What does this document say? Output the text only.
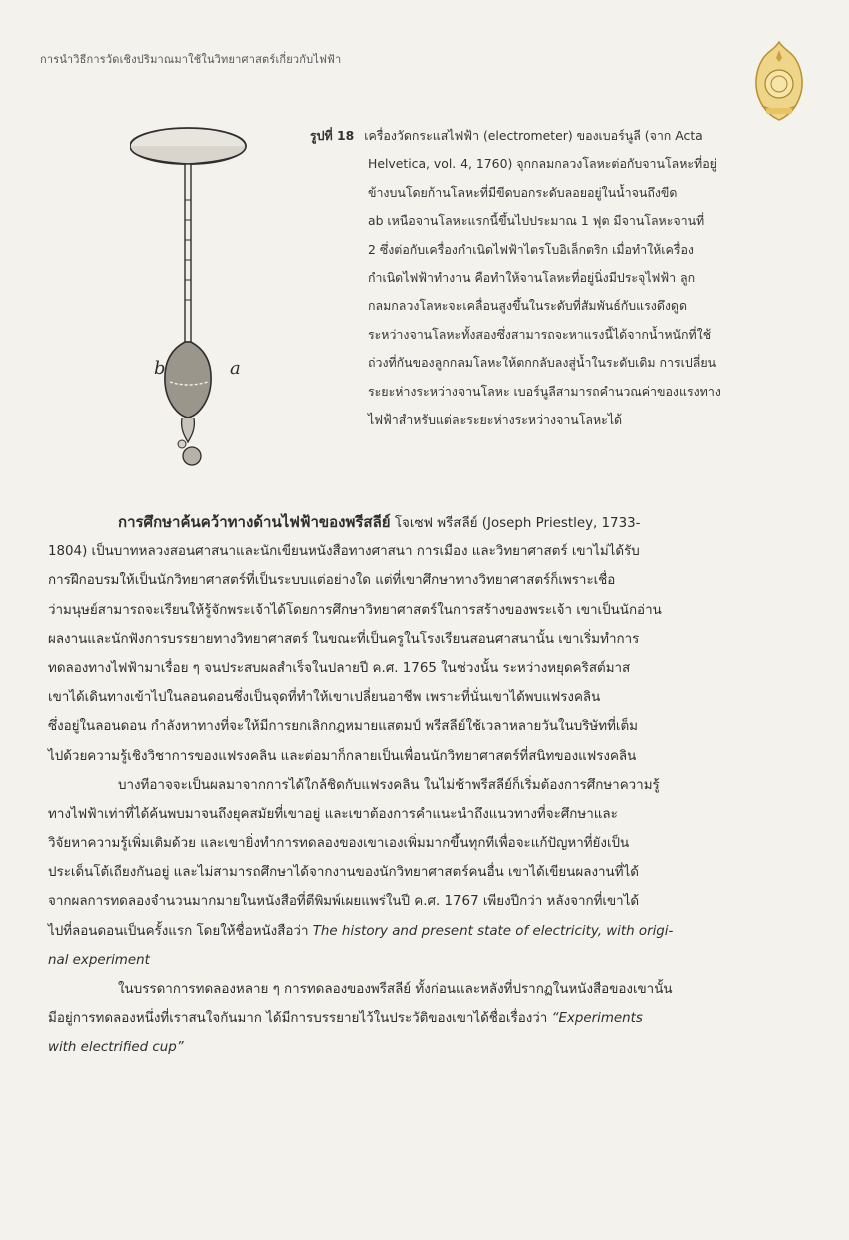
การนำวิธีการวัดเชิงปริมาณมาใช้ในวิทยาศาสตร์เกี่ยวกับไฟฟ้า
b	a
รูปที่ 18 เครื่องวัดกระแสไฟฟ้า (electrometer) ของเบอร์นูลี (จาก Acta
Helvetica, vol. 4, 1760) จุกกลมกลวงโลหะต่อกับจานโลหะที่อยู่
ข้างบนโดยก้านโลหะที่มีขีดบอกระดับลอยอยู่ในน้ำจนถึงขีด
ab เหนือจานโลหะแรกนี้ขึ้นไปประมาณ 1 ฟุต มีจานโลหะจานที่
2 ซึ่งต่อกับเครื่องกำเนิดไฟฟ้าไตรโบอิเล็กตริก เมื่อทำให้เครื่อง
กำเนิดไฟฟ้าทำงาน คือทำให้จานโลหะที่อยู่นิ่งมีประจุไฟฟ้า ลูก
กลมกลวงโลหะจะเคลื่อนสูงขึ้นในระดับที่สัมพันธ์กับแรงดึงดูด
ระหว่างจานโลหะทั้งสองซึ่งสามารถจะหาแรงนี้ได้จากน้ำหนักที่ใช้
ถ่วงที่กันของลูกกลมโลหะให้ตกกลับลงสู่น้ำในระดับเดิม การเปลี่ยน
ระยะห่างระหว่างจานโลหะ เบอร์นูลีสามารถคำนวณค่าของแรงทาง
ไฟฟ้าสำหรับแต่ละระยะห่างระหว่างจานโลหะได้
การศึกษาค้นคว้าทางด้านไฟฟ้าของพรีสลีย์ โจเซฟ พรีสลีย์ (Joseph Priestley, 1733-
1804) เป็นบาทหลวงสอนศาสนาและนักเขียนหนังสือทางศาสนา การเมือง และวิทยาศาสตร์ เขาไม่ได้รับ
การฝึกอบรมให้เป็นนักวิทยาศาสตร์ที่เป็นระบบแต่อย่างใด แต่ที่เขาศึกษาทางวิทยาศาสตร์ก็เพราะเชื่อ
ว่ามนุษย์สามารถจะเรียนให้รู้จักพระเจ้าได้โดยการศึกษาวิทยาศาสตร์ในการสร้างของพระเจ้า เขาเป็นนักอ่าน
ผลงานและนักฟังการบรรยายทางวิทยาศาสตร์ ในขณะที่เป็นครูในโรงเรียนสอนศาสนานั้น เขาเริ่มทำการ
ทดลองทางไฟฟ้ามาเรื่อย ๆ จนประสบผลสำเร็จในปลายปี ค.ศ. 1765 ในช่วงนั้น ระหว่างหยุดคริสต์มาส
เขาได้เดินทางเข้าไปในลอนดอนซึ่งเป็นจุดที่ทำให้เขาเปลี่ยนอาชีพ เพราะที่นั่นเขาได้พบแฟรงคลิน
ซึ่งอยู่ในลอนดอน กำลังหาทางที่จะให้มีการยกเลิกกฎหมายแสตมป์ พรีสลีย์ใช้เวลาหลายวันในบริษัทที่เต็ม
ไปด้วยความรู้เชิงวิชาการของแฟรงคลิน และต่อมาก็กลายเป็นเพื่อนนักวิทยาศาสตร์ที่สนิทของแฟรงคลิน
บางทีอาจจะเป็นผลมาจากการได้ใกล้ชิดกับแฟรงคลิน ในไม่ช้าพรีสลีย์ก็เริ่มต้องการศึกษาความรู้
ทางไฟฟ้าเท่าที่ได้ค้นพบมาจนถึงยุคสมัยที่เขาอยู่ และเขาต้องการคำแนะนำถึงแนวทางที่จะศึกษาและ
วิจัยหาความรู้เพิ่มเติมด้วย และเขายิ่งทำการทดลองของเขาเองเพิ่มมากขึ้นทุกทีเพื่อจะแก้ปัญหาที่ยังเป็น
ประเด็นโต้เถียงกันอยู่ และไม่สามารถศึกษาได้จากงานของนักวิทยาศาสตร์คนอื่น เขาได้เขียนผลงานที่ได้
จากผลการทดลองจำนวนมากมายในหนังสือที่ตีพิมพ์เผยแพร่ในปี ค.ศ. 1767 เพียงปีกว่า หลังจากที่เขาได้
ไปที่ลอนดอนเป็นครั้งแรก โดยให้ชื่อหนังสือว่า The history and present state of electricity, with origi-
nal experiment
ในบรรดาการทดลองหลาย ๆ การทดลองของพรีสลีย์ ทั้งก่อนและหลังที่ปรากฏในหนังสือของเขานั้น
มีอยู่การทดลองหนึ่งที่เราสนใจกันมาก ได้มีการบรรยายไว้ในประวัติของเขาได้ชื่อเรื่องว่า “Experiments
with electrified cup”
